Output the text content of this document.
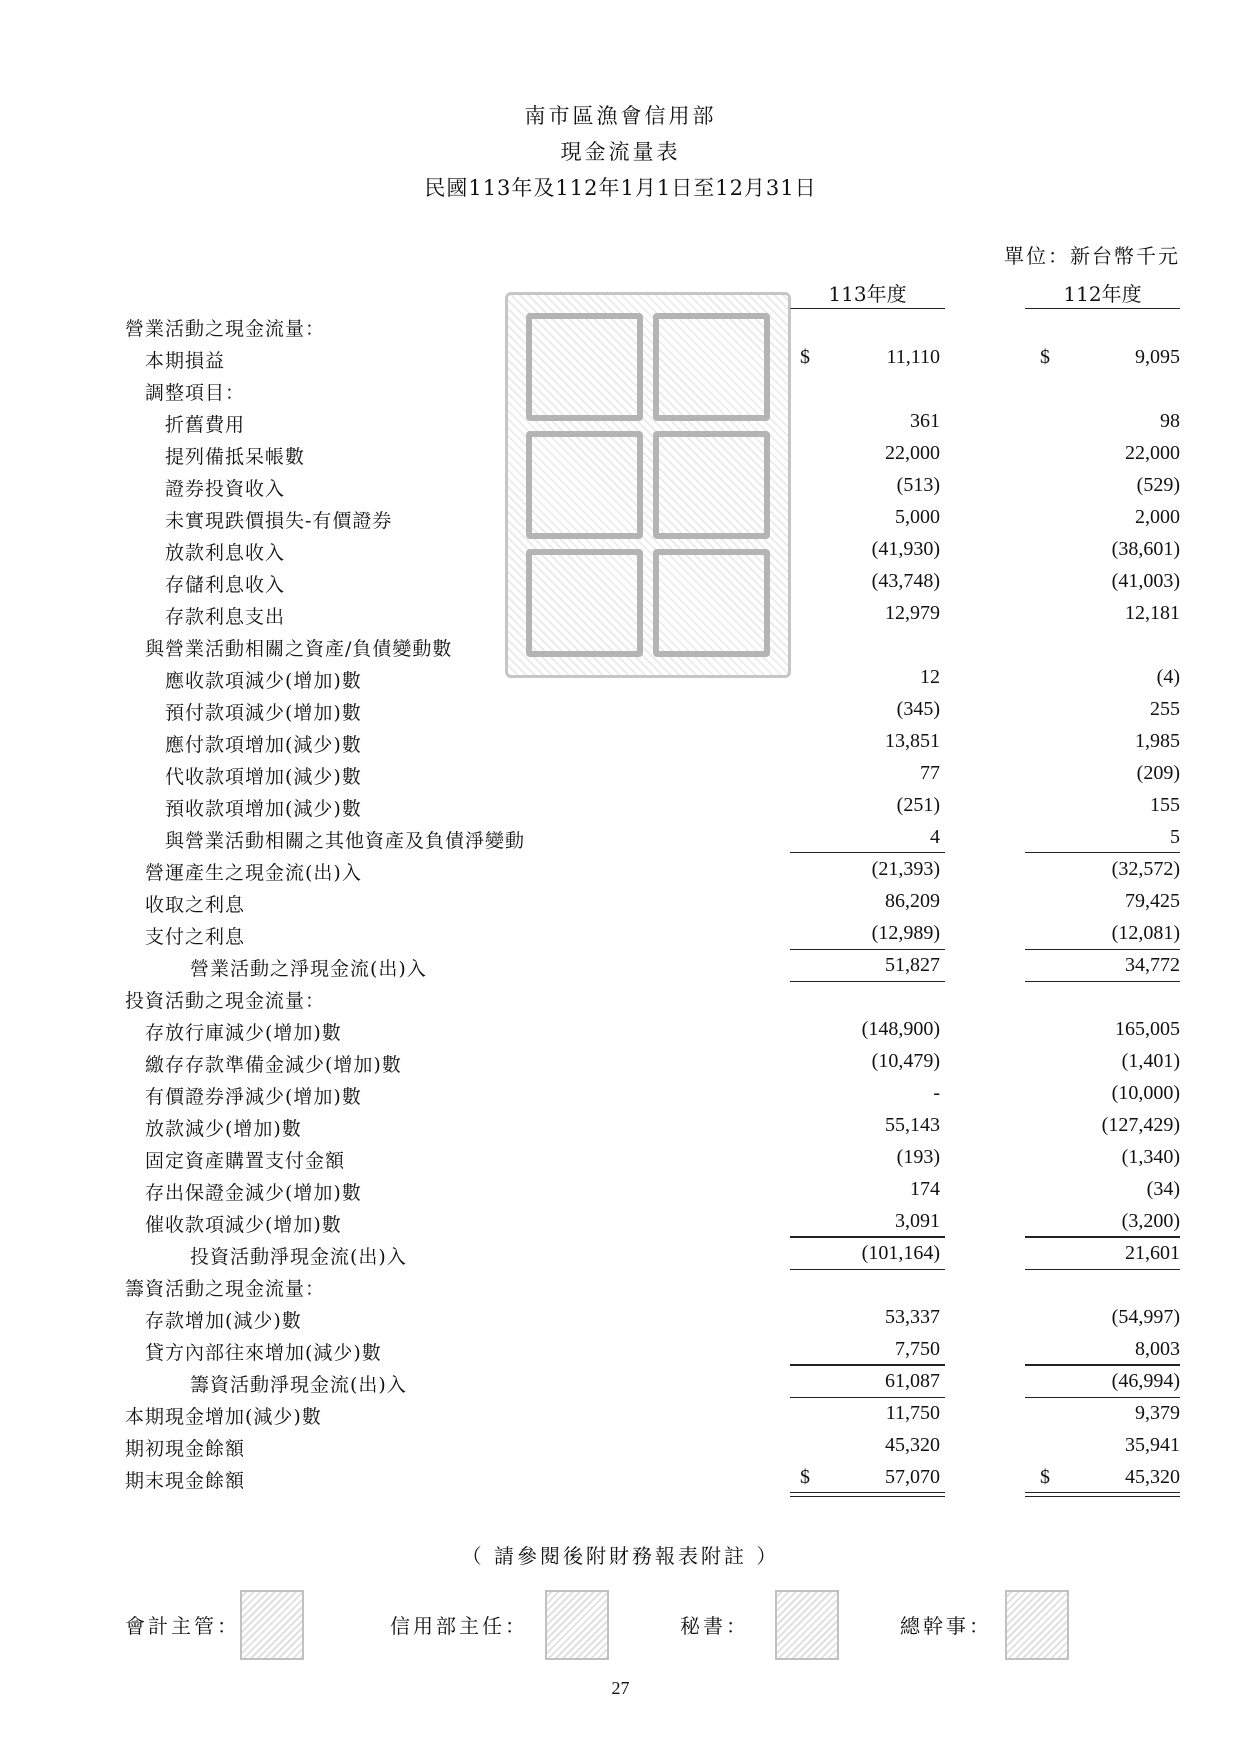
南市區漁會信用部
現金流量表
民國113年及112年1月1日至12月31日
單位：新台幣千元
113年度	112年度
營業活動之現金流量：
本期損益	11,110	9,095
$	$
調整項目：
折舊費用	361	98
提列備抵呆帳數	22,000	22,000
證券投資收入	(513)	(529)
未實現跌價損失-有價證券	5,000	2,000
放款利息收入	(41,930)	(38,601)
存儲利息收入	(43,748)	(41,003)
存款利息支出	12,979	12,181
與營業活動相關之資產/負債變動數
應收款項減少(增加)數	12	(4)
預付款項減少(增加)數	(345)	255
應付款項增加(減少)數	13,851	1,985
代收款項增加(減少)數	77	(209)
預收款項增加(減少)數	(251)	155
與營業活動相關之其他資產及負債淨變動	4	5
營運產生之現金流(出)入	(21,393)	(32,572)
收取之利息	86,209	79,425
支付之利息	(12,989)	(12,081)
營業活動之淨現金流(出)入	51,827	34,772
投資活動之現金流量：
存放行庫減少(增加)數	(148,900)	165,005
繳存存款準備金減少(增加)數	(10,479)	(1,401)
有價證券淨減少(增加)數	-	(10,000)
放款減少(增加)數	55,143	(127,429)
固定資產購置支付金額	(193)	(1,340)
存出保證金減少(增加)數	174	(34)
催收款項減少(增加)數	3,091	(3,200)
投資活動淨現金流(出)入	(101,164)	21,601
籌資活動之現金流量：
存款增加(減少)數	53,337	(54,997)
貸方內部往來增加(減少)數	7,750	8,003
籌資活動淨現金流(出)入	61,087	(46,994)
本期現金增加(減少)數	11,750	9,379
期初現金餘額	45,320	35,941
期末現金餘額	57,070	45,320
$	$
（ 請參閱後附財務報表附註 ）
會計主管：	信用部主任：	秘書：	總幹事：
27
